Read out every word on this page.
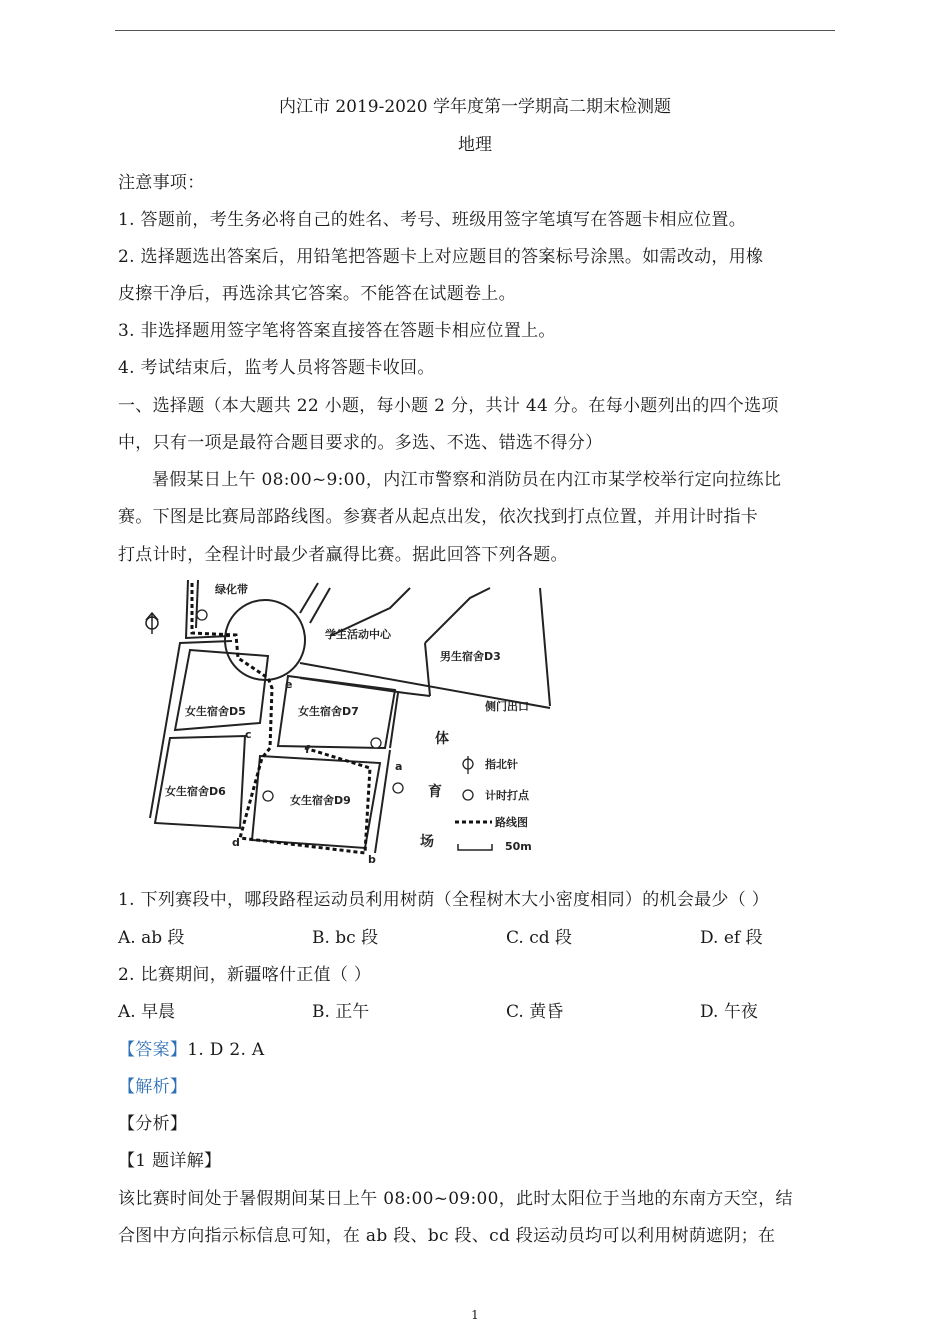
内江市 2019-2020 学年度第一学期高二期末检测题
地理
注意事项：
1. 答题前，考生务必将自己的姓名、考号、班级用签字笔填写在答题卡相应位置。
2. 选择题选出答案后，用铅笔把答题卡上对应题目的答案标号涂黑。如需改动，用橡
皮擦干净后，再选涂其它答案。不能答在试题卷上。
3. 非选择题用签字笔将答案直接答在答题卡相应位置上。
4. 考试结束后，监考人员将答题卡收回。
一、选择题（本大题共 22 小题，每小题 2 分，共计 44 分。在每小题列出的四个选项
中，只有一项是最符合题目要求的。多选、不选、错选不得分）
暑假某日上午 08:00~9:00，内江市警察和消防员在内江市某学校举行定向拉练比
赛。下图是比赛局部路线图。参赛者从起点出发，依次找到打点位置，并用计时指卡
打点计时，全程计时最少者赢得比赛。据此回答下列各题。
绿化带
学生活动中心
男生宿舍D3
侧门出口
女生宿舍D5	女生宿舍D7
女生宿舍D6
女生宿舍D9
体
育
场
e
f
a
b
d
c
指北针
计时打点
路线图
50m
1. 下列赛段中，哪段路程运动员利用树荫（全程树木大小密度相同）的机会最少（ ）
A. ab 段	B. bc 段	C. cd 段	D. ef 段
2. 比赛期间，新疆喀什正值（ ）
A. 早晨	B. 正午	C. 黄昏	D. 午夜
【答案】1. D 2. A
【解析】
【分析】
【1 题详解】
该比赛时间处于暑假期间某日上午 08:00~09:00，此时太阳位于当地的东南方天空，结
合图中方向指示标信息可知，在 ab 段、bc 段、cd 段运动员均可以利用树荫遮阴；在
1
